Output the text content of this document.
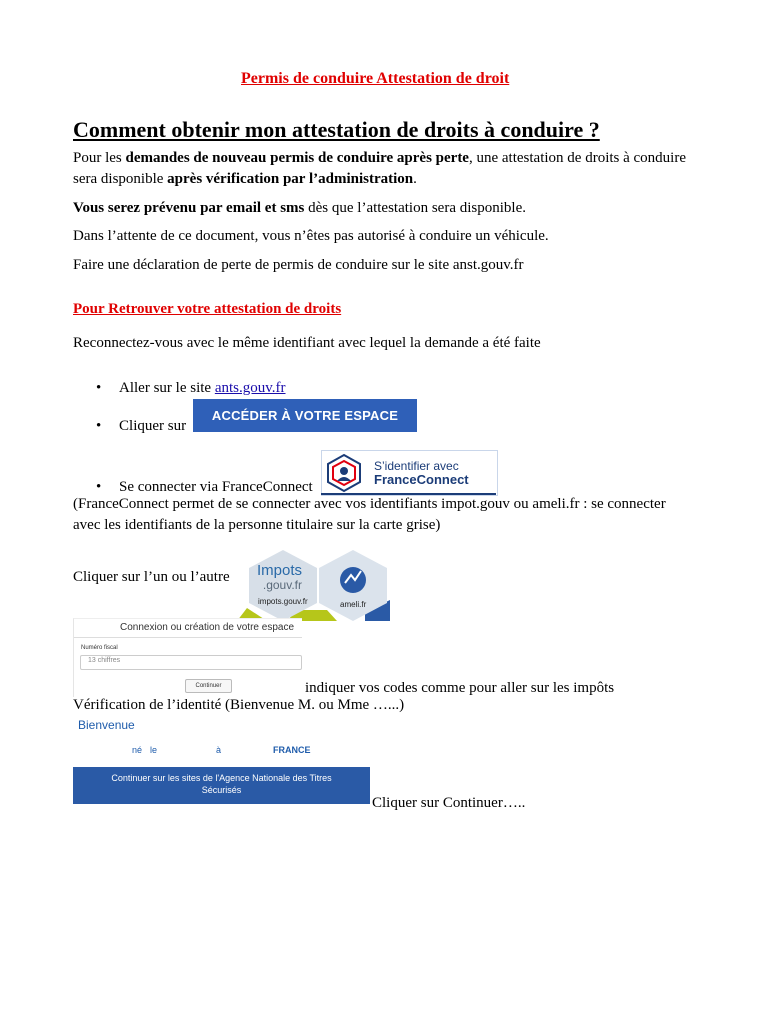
Permis de conduire Attestation de droit
Comment obtenir mon attestation de droits à conduire ?
Pour les demandes de nouveau permis de conduire après perte, une attestation de droits à conduire
sera disponible après vérification par l’administration.
Vous serez prévenu par email et sms dès que l’attestation sera disponible.
Dans l’attente de ce document, vous n’êtes pas autorisé à conduire un véhicule.
Faire une déclaration de perte de permis de conduire sur le site anst.gouv.fr
Pour Retrouver votre attestation de droits
Reconnectez-vous avec le même identifiant avec lequel la demande a été faite
• Aller sur le site ants.gouv.fr
• Cliquer sur
ACCÉDER À VOTRE ESPACE
• Se connecter via FranceConnect
S’identifier avec
FranceConnect
(FranceConnect permet de se connecter avec vos identifiants impot.gouv ou ameli.fr : se connecter
avec les identifiants de la personne titulaire sur la carte grise)
Cliquer sur l’un ou l’autre Impots
.gouv.fr
impots.gouv.fr	ameli.fr
Connexion ou création de votre espace
Numéro fiscal
13 chiffres
Continuer	indiquer vos codes comme pour aller sur les impôts
Vérification de l’identité (Bienvenue M. ou Mme …...)
Bienvenue
né le	à	FRANCE
Continuer sur les sites de l'Agence Nationale des Titres
Sécurisés
Cliquer sur Continuer…..
